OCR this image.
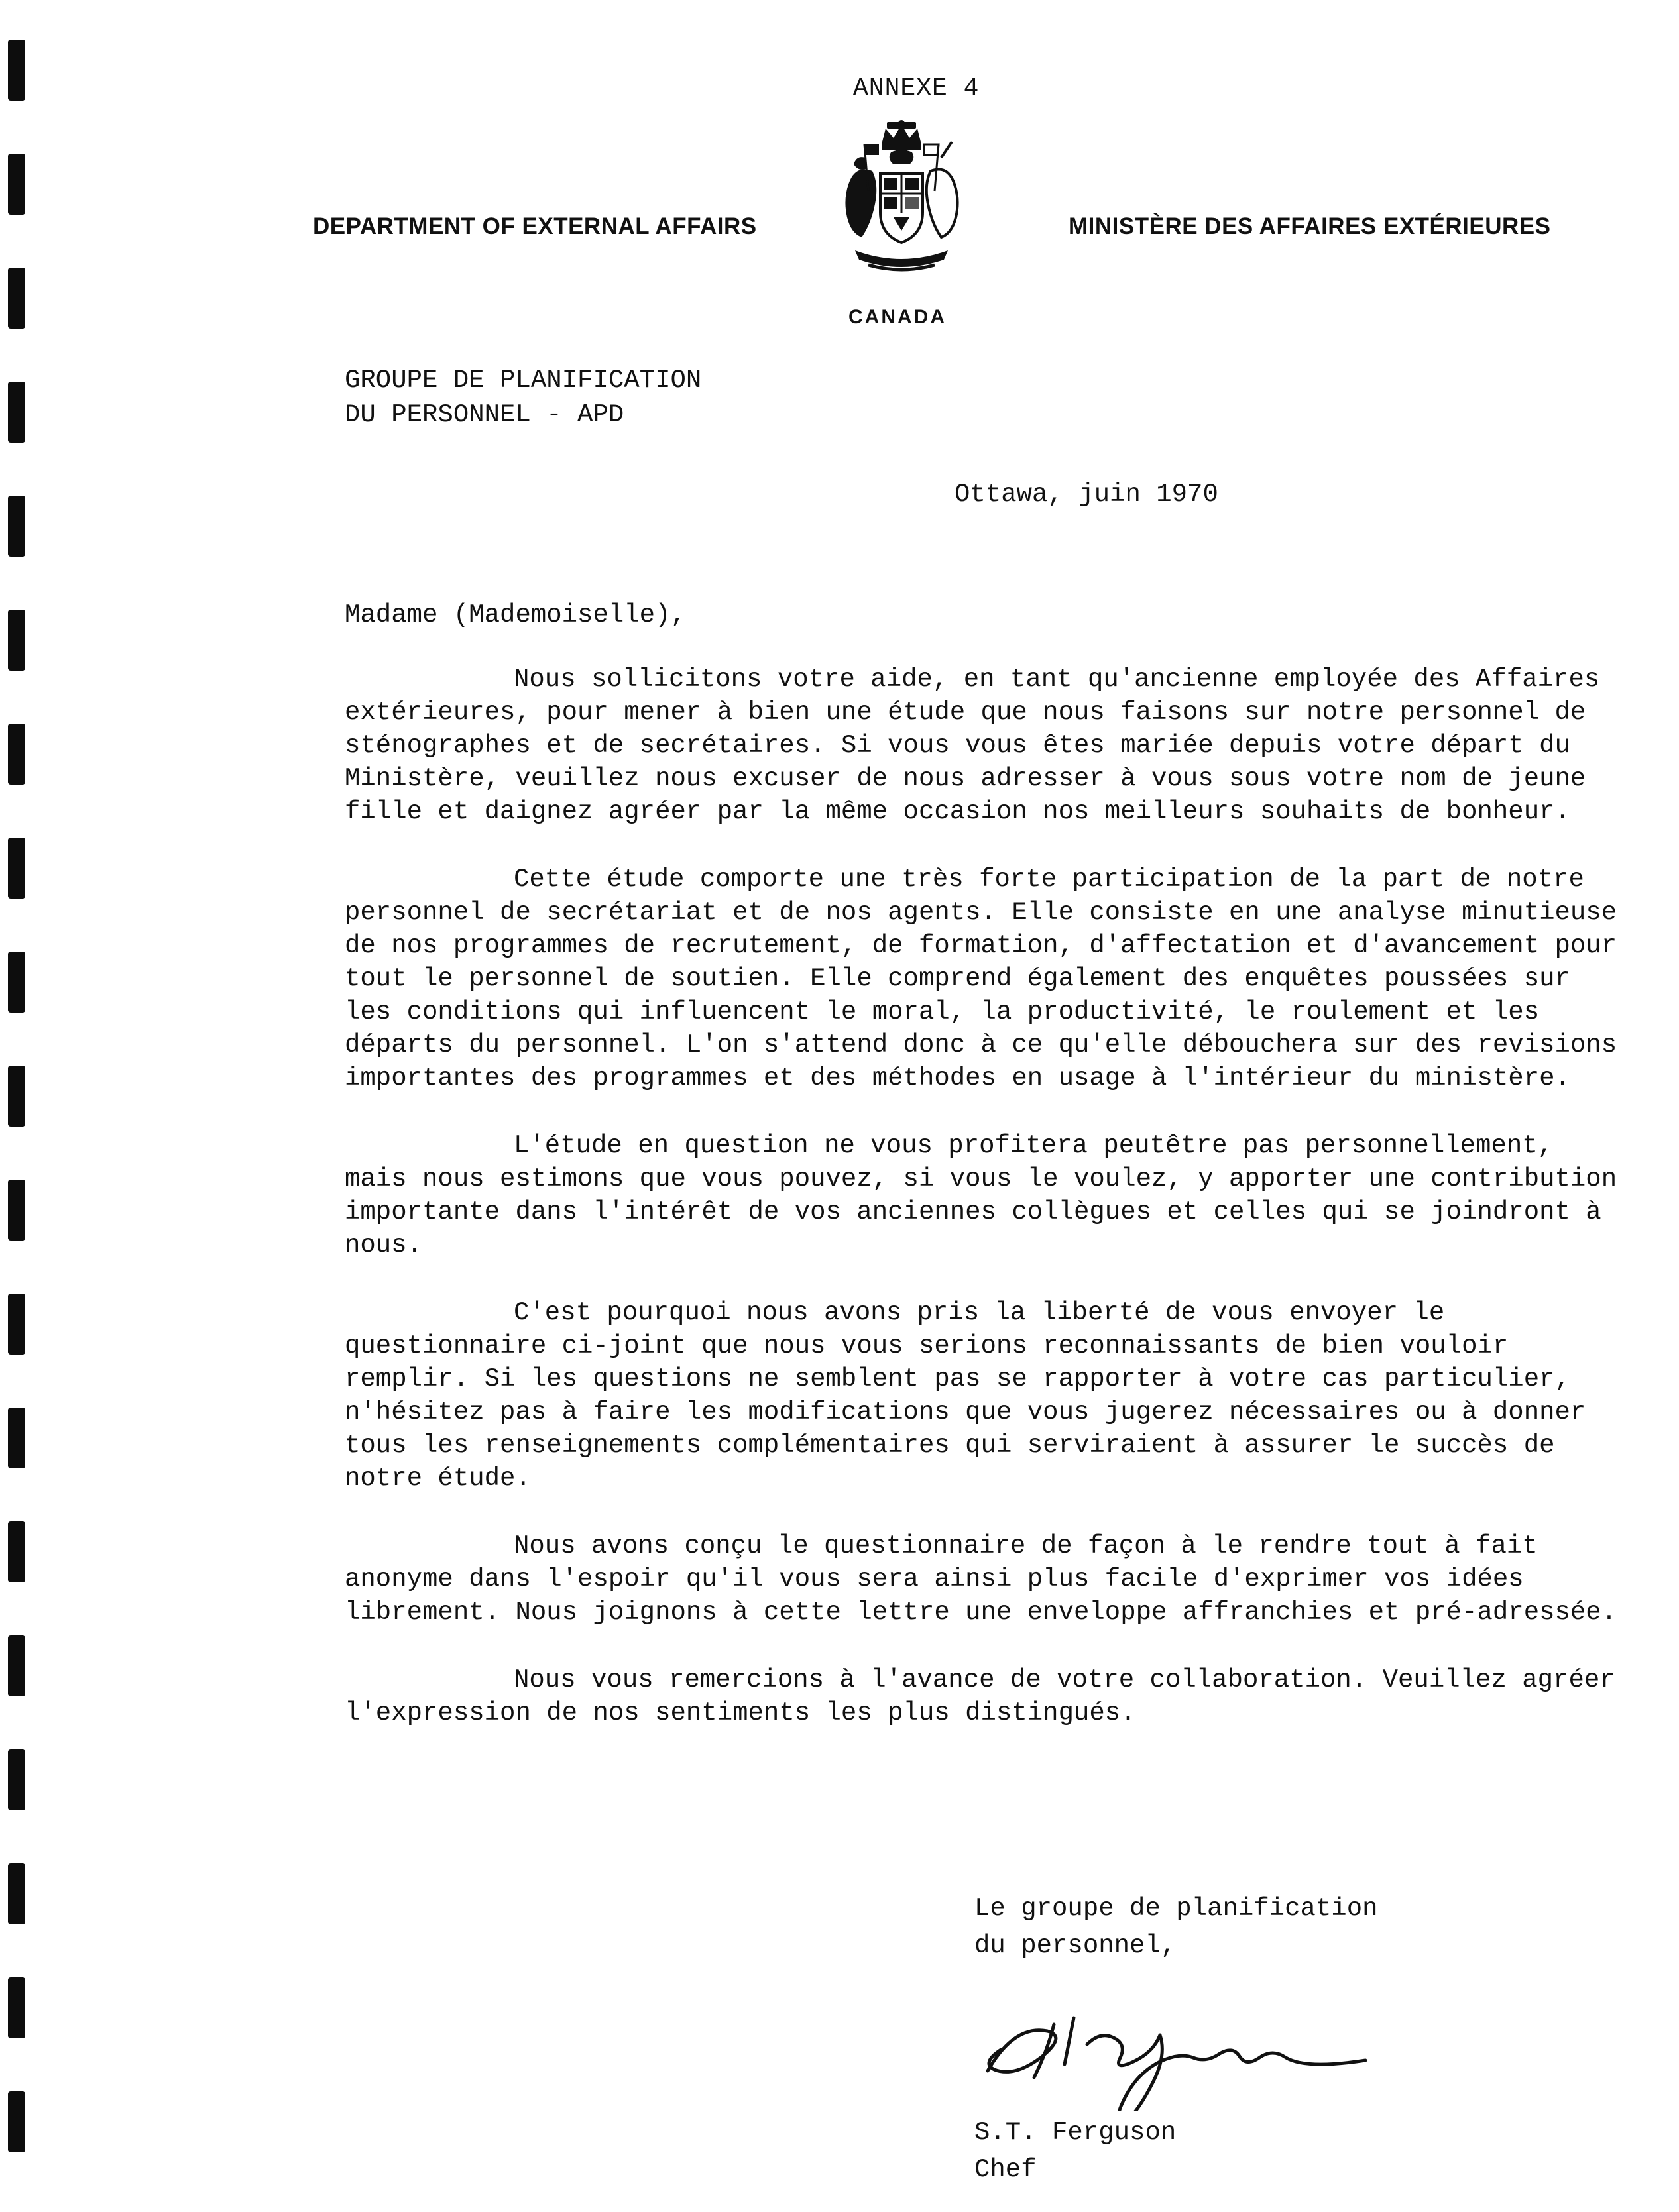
ANNEXE 4
DEPARTMENT OF EXTERNAL AFFAIRS	MINISTÈRE DES AFFAIRES EXTÉRIEURES
CANADA
GROUPE DE PLANIFICATION
DU PERSONNEL - APD
Ottawa, juin 1970
Madame (Mademoiselle),

Nous sollicitons votre aide, en tant qu'ancienne employée des Affaires extérieures, pour mener à bien une étude que nous faisons sur notre personnel de sténographes et de secrétaires. Si vous vous êtes mariée depuis votre départ du Ministère, veuillez nous excuser de nous adresser à vous sous votre nom de jeune fille et daignez agréer par la même occasion nos meilleurs souhaits de bonheur.

Cette étude comporte une très forte participation de la part de notre personnel de secrétariat et de nos agents. Elle consiste en une analyse minutieuse de nos programmes de recrutement, de formation, d'affectation et d'avancement pour tout le personnel de soutien. Elle comprend également des enquêtes poussées sur les conditions qui influencent le moral, la productivité, le roulement et les départs du personnel. L'on s'attend donc à ce qu'elle débouchera sur des revisions importantes des programmes et des méthodes en usage à l'intérieur du ministère.

L'étude en question ne vous profitera peutêtre pas personnellement, mais nous estimons que vous pouvez, si vous le voulez, y apporter une contribution importante dans l'intérêt de vos anciennes collègues et celles qui se joindront à nous.

C'est pourquoi nous avons pris la liberté de vous envoyer le questionnaire ci-joint que nous vous serions reconnaissants de bien vouloir remplir. Si les questions ne semblent pas se rapporter à votre cas particulier, n'hésitez pas à faire les modifications que vous jugerez nécessaires ou à donner tous les renseignements complémentaires qui serviraient à assurer le succès de notre étude.

Nous avons conçu le questionnaire de façon à le rendre tout à fait anonyme dans l'espoir qu'il vous sera ainsi plus facile d'exprimer vos idées librement. Nous joignons à cette lettre une enveloppe affranchies et pré-adressée.

Nous vous remercions à l'avance de votre collaboration. Veuillez agréer l'expression de nos sentiments les plus distingués.

Le groupe de planification
du personnel,
S.T. Ferguson
Chef
